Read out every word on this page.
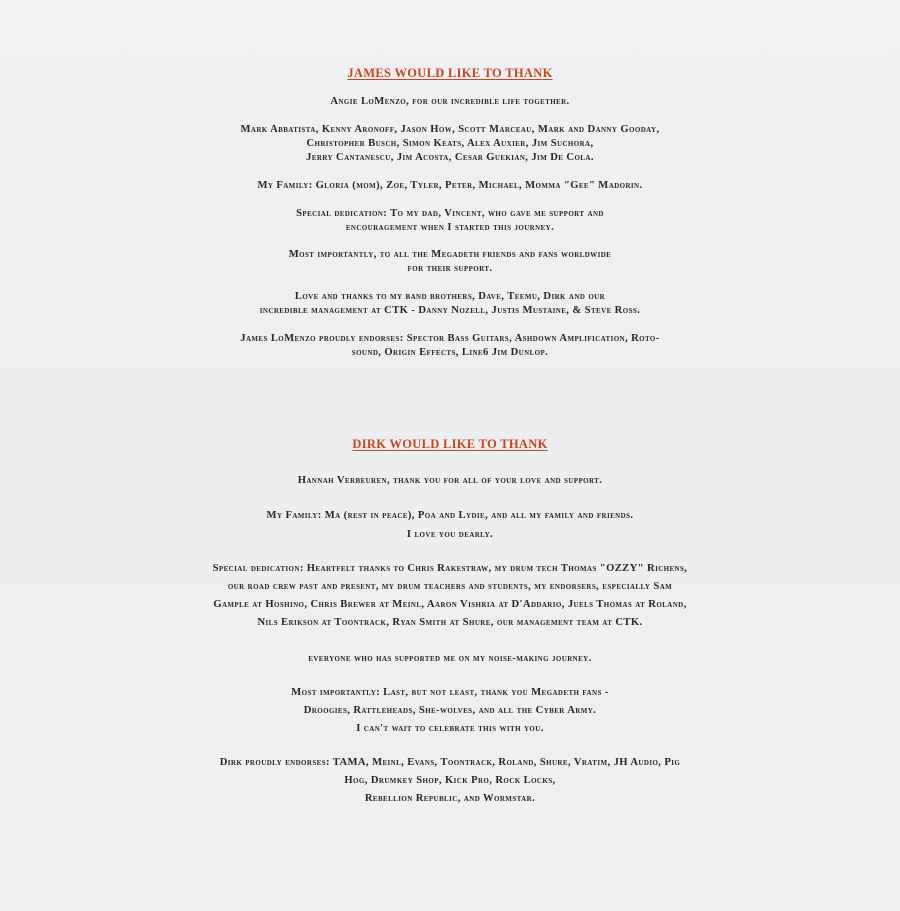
JAMES WOULD LIKE TO THANK
Angie LoMenzo, for our incredible life together.
Mark Abbatista, Kenny Aronoff, Jason How, Scott Marceau, Mark and Danny Gooday,
Christopher Busch, Simon Keats, Alex Auxier, Jim Suchora,
Jerry Cantanescu, Jim Acosta, Cesar Guekian, Jim De Cola.
My Family: Gloria (mom), Zoe, Tyler, Peter, Michael, Momma "Gee" Madorin.
Special dedication: To my dad, Vincent, who gave me support and
encouragement when I started this journey.
Most importantly, to all the Megadeth friends and fans worldwide
for their support.
Love and thanks to my band brothers, Dave, Teemu, Dirk and our
incredible management at CTK - Danny Nozell, Justis Mustaine, & Steve Ross.
James LoMenzo proudly endorses: Spector Bass Guitars, Ashdown Amplification, Roto-
sound, Origin Effects, Line6 Jim Dunlop.
DIRK WOULD LIKE TO THANK
Hannah Verbeuren, thank you for all of your love and support.
My Family: Ma (rest in peace), Poa and Lydie, and all my family and friends.
I love you dearly.
Special dedication: Heartfelt thanks to Chris Rakestraw, my drum tech Thomas "OZZY" Richens,
our road crew past and present, my drum teachers and students, my endorsers, especially Sam
Gample at Hoshino, Chris Brewer at Meinl, Aaron Vishria at D'Addario, Juels Thomas at Roland,
Nils Erikson at Toontrack, Ryan Smith at Shure, our management team at CTK.
everyone who has supported me on my noise-making journey.
Most importantly: Last, but not least, thank you Megadeth fans -
Droogies, Rattleheads, She-wolves, and all the Cyber Army.
I can't wait to celebrate this with you.
Dirk proudly endorses: TAMA, Meinl, Evans, Toontrack, Roland, Shure, Vratim, JH Audio, Pig
Hog, Drumkey Shop, Kick Pro, Rock Locks,
Rebellion Republic, and Wormstar.
